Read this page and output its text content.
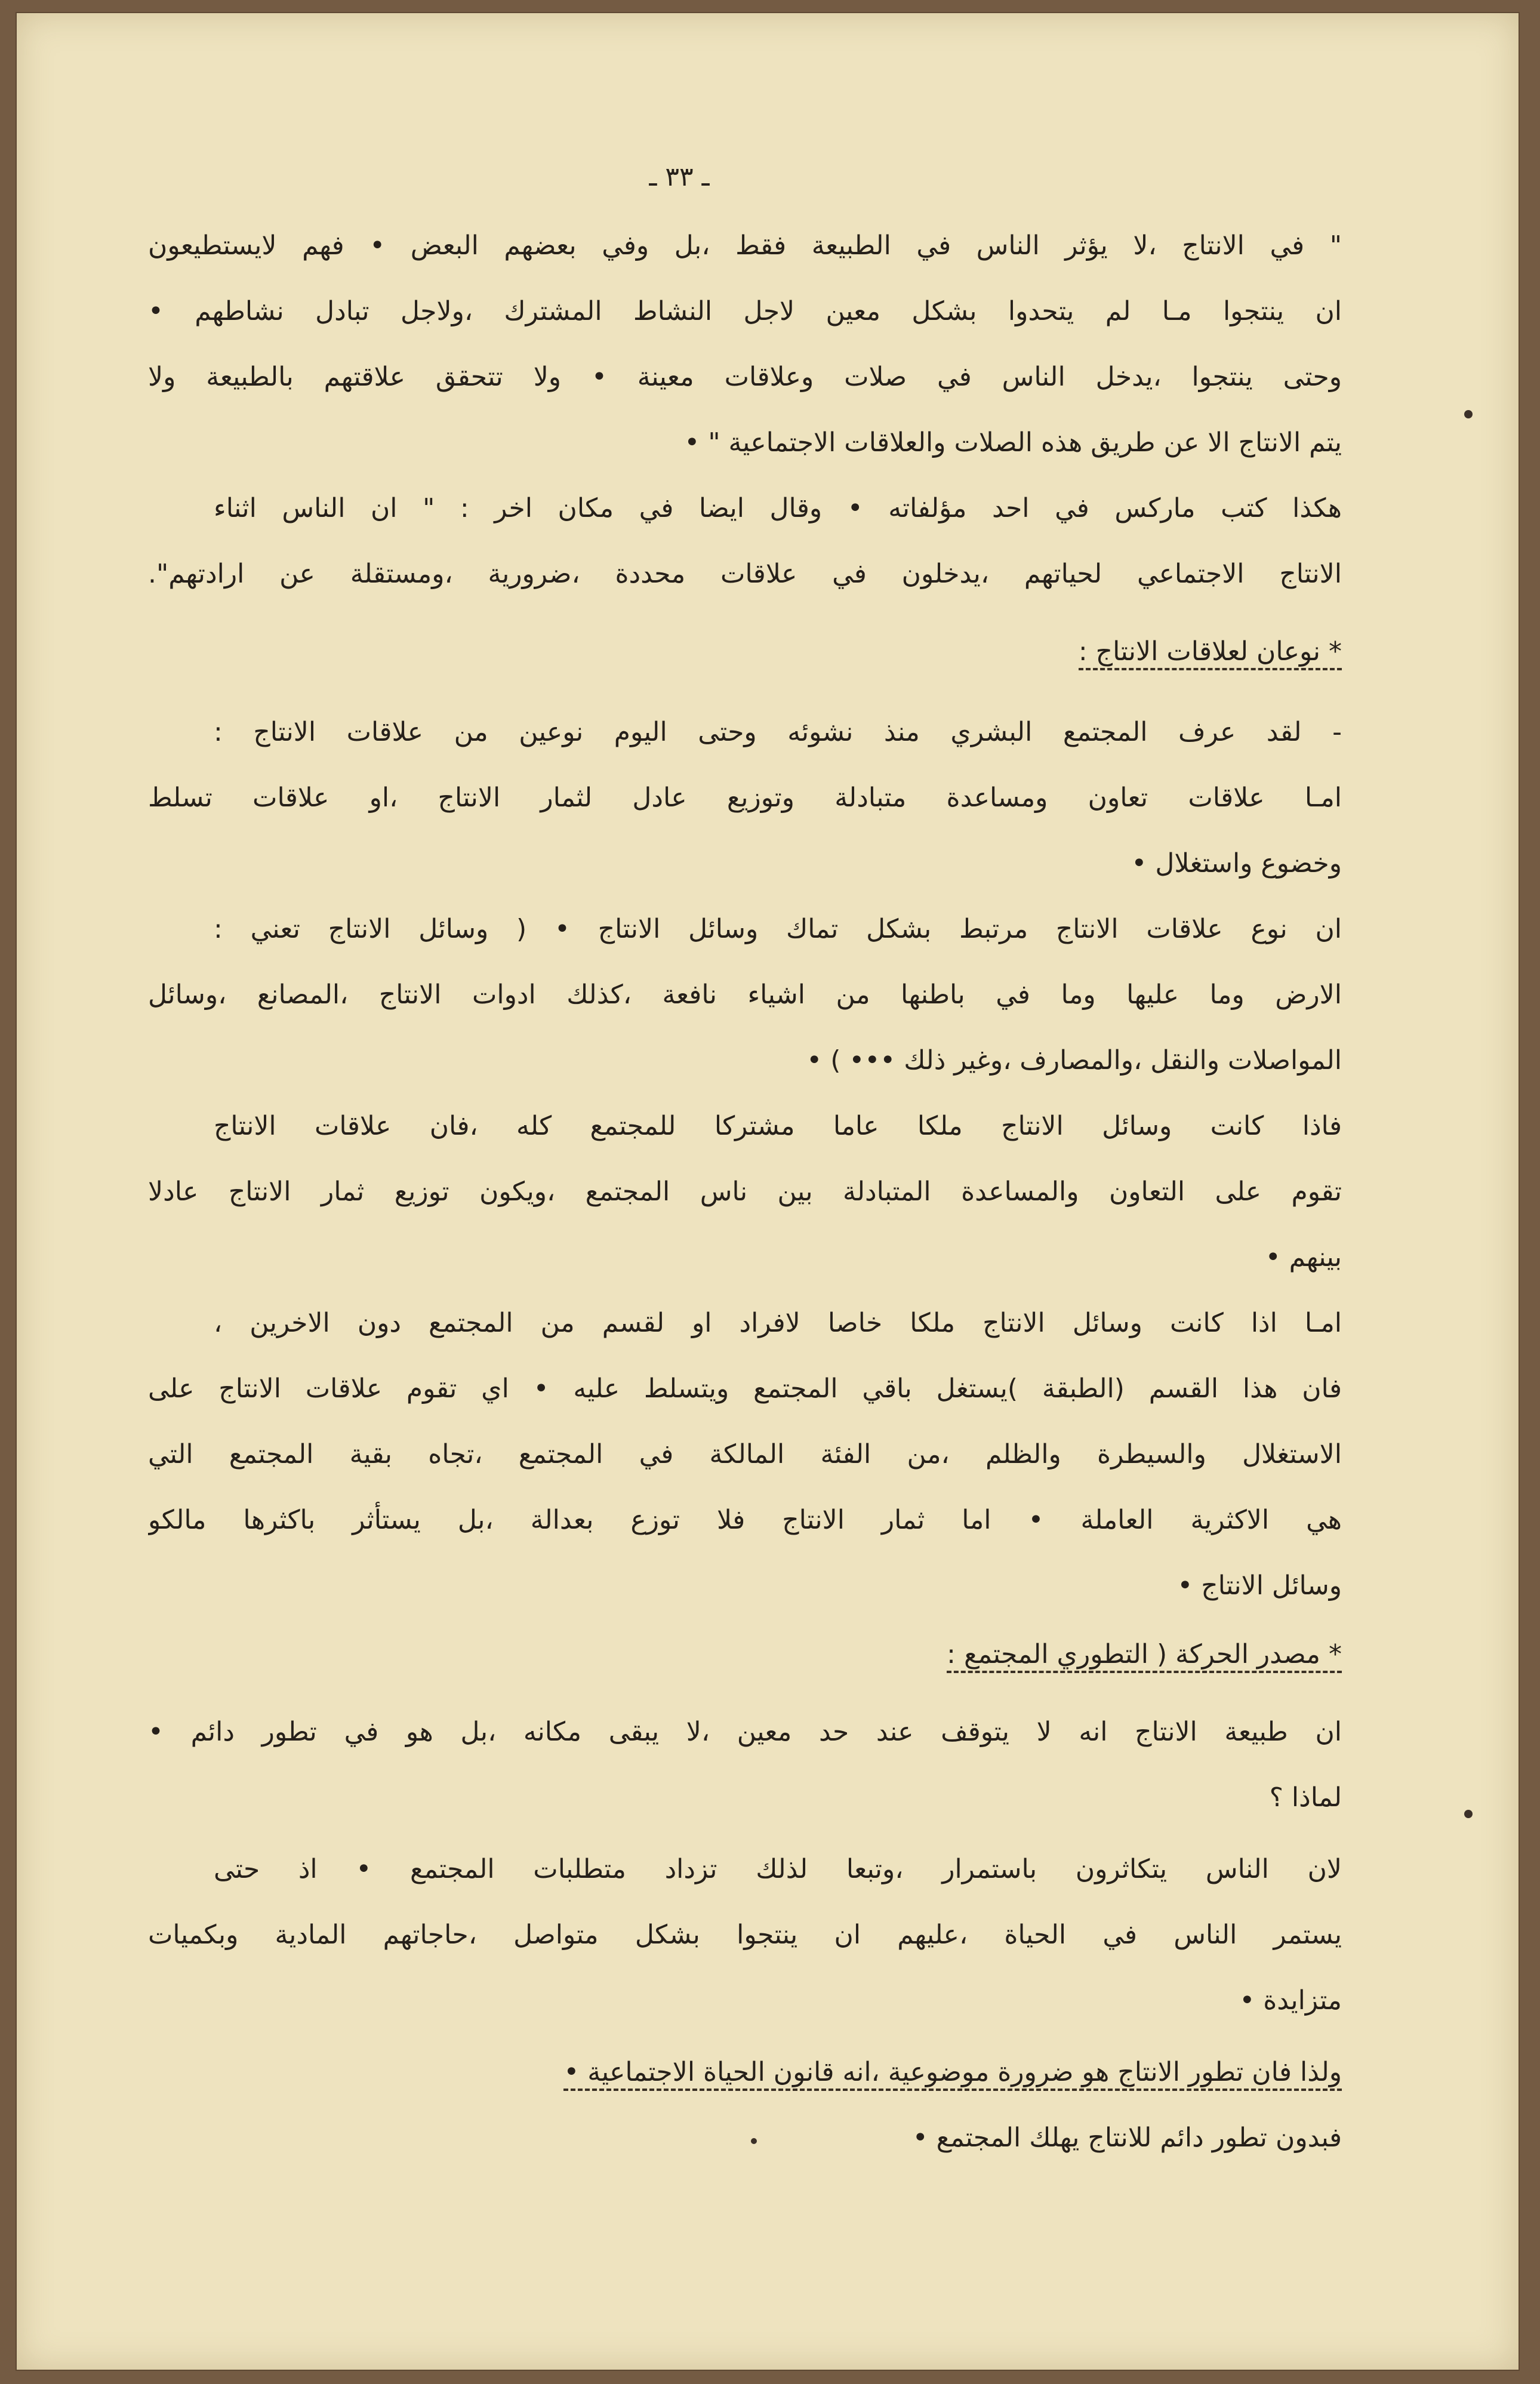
ـ ٣٣ ـ
" في الانتاج ،لا يؤثر الناس في الطبيعة فقط ،بل وفي بعضهم البعض • فهم لايستطيعون
ان ينتجوا مـا لم يتحدوا بشكل معين لاجل النشاط المشترك ،ولاجل تبادل نشاطهم •
وحتى ينتجوا ،يدخل الناس في صلات وعلاقات معينة • ولا تتحقق علاقتهم بالطبيعة ولا
يتم الانتاج الا عن طريق هذه الصلات والعلاقات الاجتماعية " •
هكذا كتب ماركس في احد مؤلفاته • وقال ايضا في مكان اخر : " ان الناس اثناء
الانتاج الاجتماعي لحياتهم ،يدخلون في علاقات محددة ،ضرورية ،ومستقلة عن ارادتهم".
* نوعان لعلاقات الانتاج :
- لقد عرف المجتمع البشري منذ نشوئه وحتى اليوم نوعين من علاقات الانتاج :
امـا علاقات تعاون ومساعدة متبادلة وتوزيع عادل لثمار الانتاج ،او علاقات تسلط
وخضوع واستغلال •
ان نوع علاقات الانتاج مرتبط بشكل تماك وسائل الانتاج • ( وسائل الانتاج تعني :
الارض وما عليها وما في باطنها من اشياء نافعة ،كذلك ادوات الانتاج ،المصانع ،وسائل
المواصلات والنقل ،والمصارف ،وغير ذلك ••• ) •
فاذا كانت وسائل الانتاج ملكا عاما مشتركا للمجتمع كله ،فان علاقات الانتاج
تقوم على التعاون والمساعدة المتبادلة بين ناس المجتمع ،ويكون توزيع ثمار الانتاج عادلا
بينهم •
امـا اذا كانت وسائل الانتاج ملكا خاصا لافراد او لقسم من المجتمع دون الاخرين ،
فان هذا القسم (الطبقة )يستغل باقي المجتمع ويتسلط عليه • اي تقوم علاقات الانتاج على
الاستغلال والسيطرة والظلم ،من الفئة المالكة في المجتمع ،تجاه بقية المجتمع التي
هي الاكثرية العاملة • اما ثمار الانتاج فلا توزع بعدالة ،بل يستأثر باكثرها مالكو
وسائل الانتاج •
* مصدر الحركة ( التطوري المجتمع :
ان طبيعة الانتاج انه لا يتوقف عند حد معين ،لا يبقى مكانه ،بل هو في تطور دائم •
لماذا ؟
لان الناس يتكاثرون باستمرار ،وتبعا لذلك تزداد متطلبات المجتمع • اذ حتى
يستمر الناس في الحياة ،عليهم ان ينتجوا بشكل متواصل ،حاجاتهم المادية وبكميات
متزايدة •
ولذا فان تطور الانتاج هو ضرورة موضوعية ،انه قانون الحياة الاجتماعية •
فبدون تطور دائم للانتاج يهلك المجتمع •
